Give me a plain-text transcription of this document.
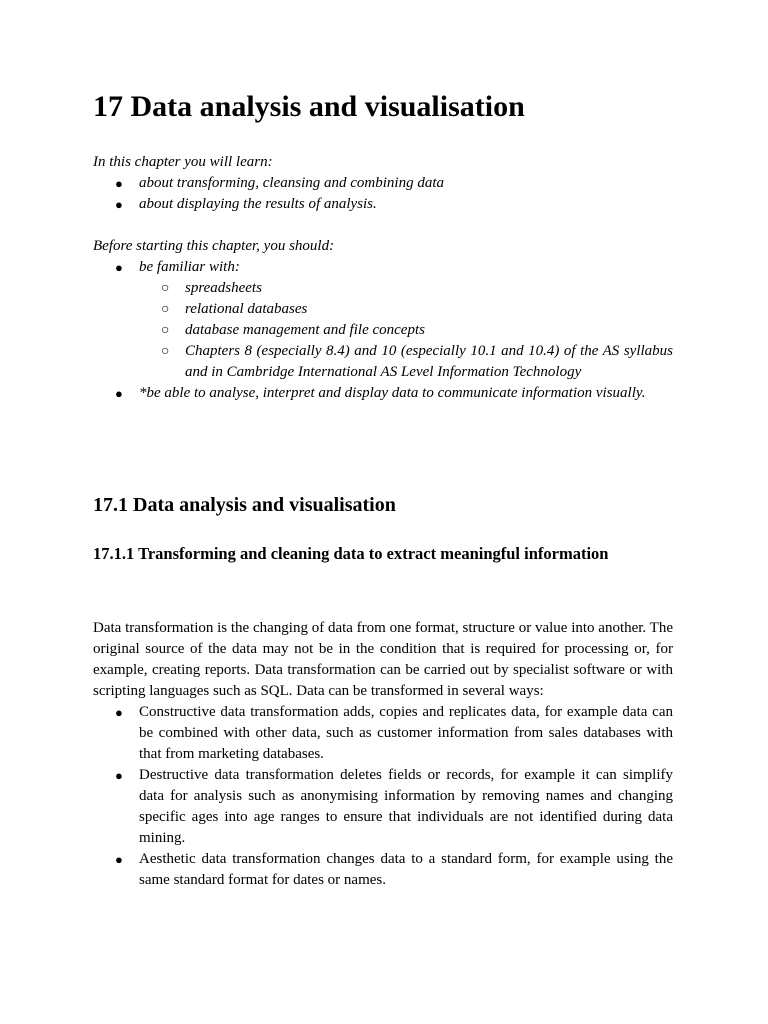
17 Data analysis and visualisation

In this chapter you will learn:

● about transforming, cleansing and combining data
● about displaying the results of analysis.

Before starting this chapter, you should:

● be familiar with:
○ spreadsheets
○ relational databases
○ database management and file concepts
○ Chapters 8 (especially 8.4) and 10 (especially 10.1 and 10.4) of the AS syllabus and in Cambridge International AS Level Information Technology
● *be able to analyse, interpret and display data to communicate information visually.
17.1 Data analysis and visualisation
17.1.1 Transforming and cleaning data to extract meaningful information

Data transformation is the changing of data from one format, structure or value into another. The original source of the data may not be in the condition that is required for processing or, for example, creating reports. Data transformation can be carried out by specialist software or with scripting languages such as SQL. Data can be transformed in several ways:

● Constructive data transformation adds, copies and replicates data, for example data can be combined with other data, such as customer information from sales databases with that from marketing databases.
● Destructive data transformation deletes fields or records, for example it can simplify data for analysis such as anonymising information by removing names and changing specific ages into age ranges to ensure that individuals are not identified during data mining.
● Aesthetic data transformation changes data to a standard form, for example using the same standard format for dates or names.
